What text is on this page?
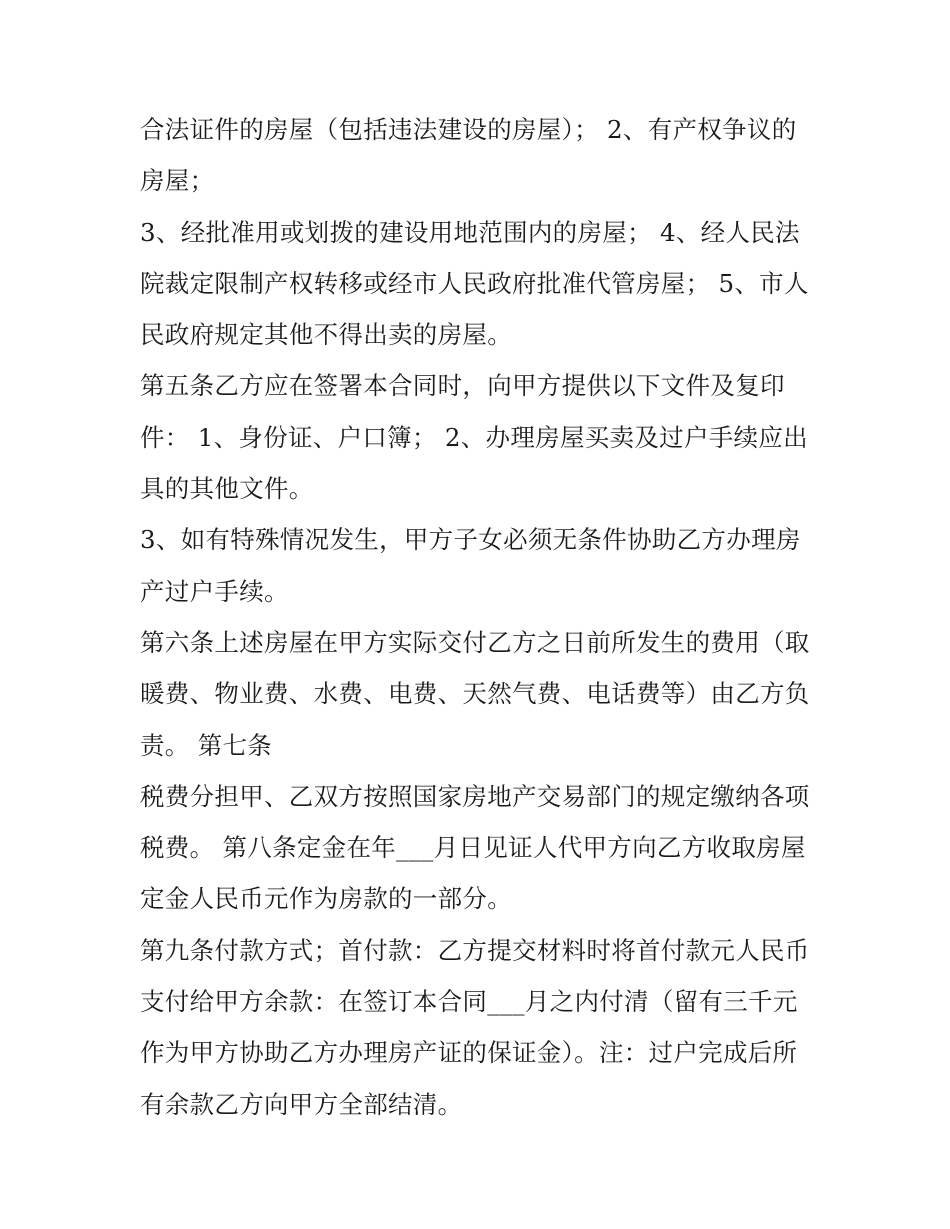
合法证件的房屋（包括违法建设的房屋）； 2、有产权争议的
房屋；
3、经批准用或划拨的建设用地范围内的房屋； 4、经人民法
院裁定限制产权转移或经市人民政府批准代管房屋； 5、市人
民政府规定其他不得出卖的房屋。
第五条乙方应在签署本合同时，向甲方提供以下文件及复印
件： 1、身份证、户口簿； 2、办理房屋买卖及过户手续应出
具的其他文件。
3、如有特殊情况发生，甲方子女必须无条件协助乙方办理房
产过户手续。
第六条上述房屋在甲方实际交付乙方之日前所发生的费用（取
暖费、物业费、水费、电费、天然气费、电话费等）由乙方负
责。 第七条
税费分担甲、乙双方按照国家房地产交易部门的规定缴纳各项
税费。 第八条定金在年___月日见证人代甲方向乙方收取房屋
定金人民币元作为房款的一部分。
第九条付款方式；首付款：乙方提交材料时将首付款元人民币
支付给甲方余款：在签订本合同___月之内付清（留有三千元
作为甲方协助乙方办理房产证的保证金）。注：过户完成后所
有余款乙方向甲方全部结清。
